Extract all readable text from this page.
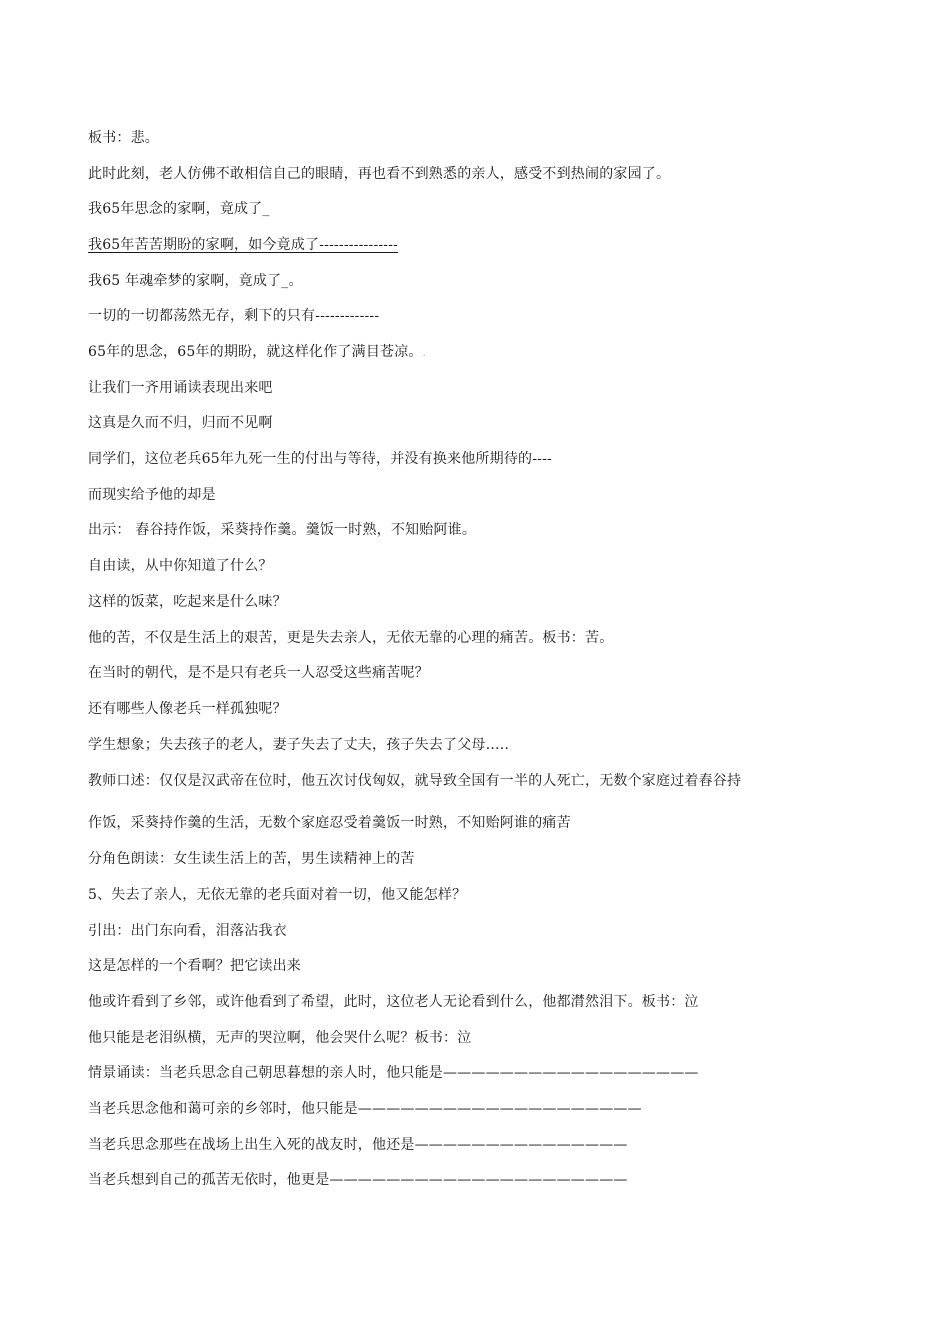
板书：悲。
此时此刻，老人仿佛不敢相信自己的眼睛，再也看不到熟悉的亲人，感受不到热闹的家园了。
我65年思念的家啊，竟成了_
我65年苦苦期盼的家啊，如今竟成了----------------
我65 年魂牵梦的家啊，竟成了_。
一切的一切都荡然无存，剩下的只有-------------
65年的思念，65年的期盼，就这样化作了满目苍凉。.
让我们一齐用诵读表现出来吧
这真是久而不归，归而不见啊
同学们，这位老兵65年九死一生的付出与等待，并没有换来他所期待的----
而现实给予他的却是
出示： 舂谷持作饭，采葵持作羹。羹饭一时熟，不知贻阿谁。
自由读，从中你知道了什么？
这样的饭菜，吃起来是什么味？
他的苦，不仅是生活上的艰苦，更是失去亲人，无依无靠的心理的痛苦。板书：苦。
在当时的朝代，是不是只有老兵一人忍受这些痛苦呢？
还有哪些人像老兵一样孤独呢？
学生想象；失去孩子的老人，妻子失去了丈夫，孩子失去了父母…..
教师口述：仅仅是汉武帝在位时，他五次讨伐匈奴，就导致全国有一半的人死亡，无数个家庭过着舂谷持
作饭，采葵持作羹的生活，无数个家庭忍受着羹饭一时熟，不知贻阿谁的痛苦
分角色朗读：女生读生活上的苦，男生读精神上的苦
5、失去了亲人，无依无靠的老兵面对着一切，他又能怎样？
引出：出门东向看，泪落沾我衣
这是怎样的一个看啊？把它读出来
他或许看到了乡邻，或许他看到了希望，此时，这位老人无论看到什么，他都潸然泪下。板书：泣
他只能是老泪纵横，无声的哭泣啊，他会哭什么呢？板书：泣
情景诵读：当老兵思念自己朝思暮想的亲人时，他只能是——————————————————
当老兵思念他和蔼可亲的乡邻时，他只能是————————————————————
当老兵思念那些在战场上出生入死的战友时，他还是———————————————
当老兵想到自己的孤苦无依时，他更是—————————————————————
